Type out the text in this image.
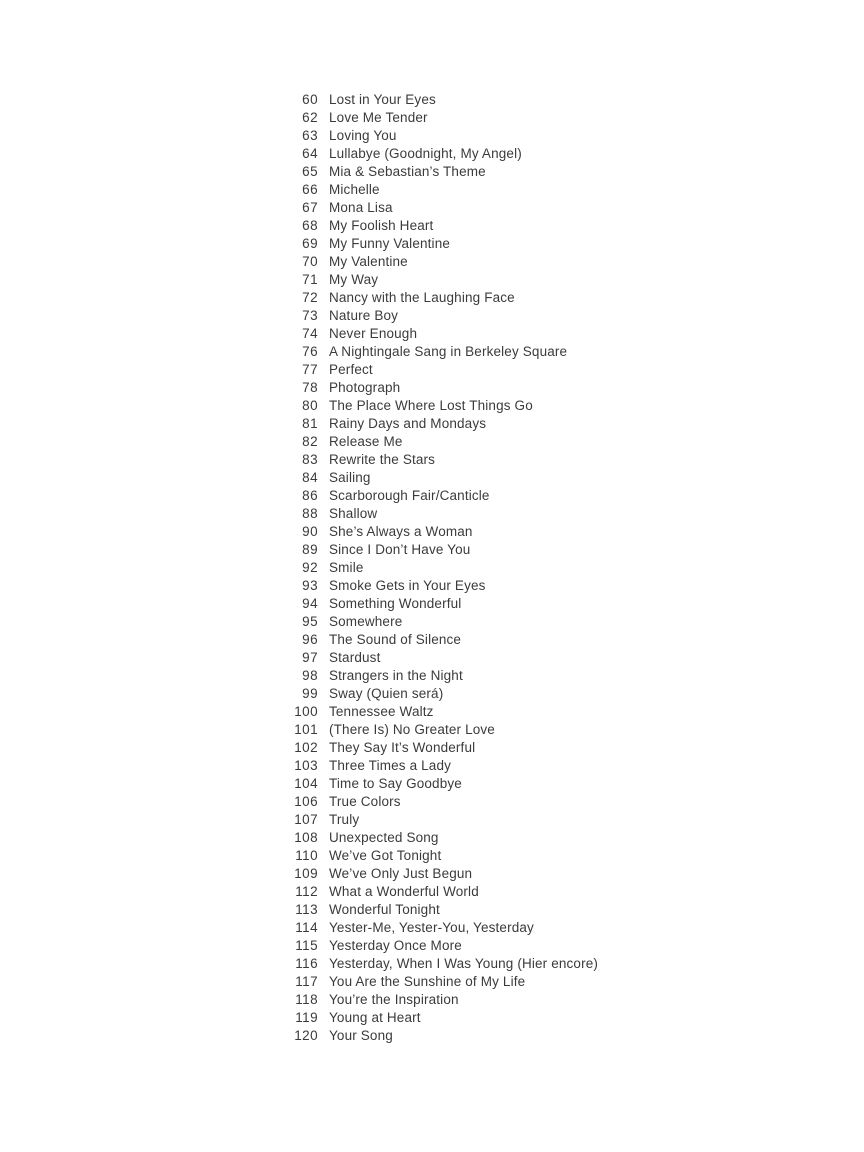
60 Lost in Your Eyes
62 Love Me Tender
63 Loving You
64 Lullabye (Goodnight, My Angel)
65 Mia & Sebastian’s Theme
66 Michelle
67 Mona Lisa
68 My Foolish Heart
69 My Funny Valentine
70 My Valentine
71 My Way
72 Nancy with the Laughing Face
73 Nature Boy
74 Never Enough
76 A Nightingale Sang in Berkeley Square
77 Perfect
78 Photograph
80 The Place Where Lost Things Go
81 Rainy Days and Mondays
82 Release Me
83 Rewrite the Stars
84 Sailing
86 Scarborough Fair/Canticle
88 Shallow
90 She’s Always a Woman
89 Since I Don’t Have You
92 Smile
93 Smoke Gets in Your Eyes
94 Something Wonderful
95 Somewhere
96 The Sound of Silence
97 Stardust
98 Strangers in the Night
99 Sway (Quien será)
100 Tennessee Waltz
101 (There Is) No Greater Love
102 They Say It’s Wonderful
103 Three Times a Lady
104 Time to Say Goodbye
106 True Colors
107 Truly
108 Unexpected Song
110 We’ve Got Tonight
109 We’ve Only Just Begun
112 What a Wonderful World
113 Wonderful Tonight
114 Yester-Me, Yester-You, Yesterday
115 Yesterday Once More
116 Yesterday, When I Was Young (Hier encore)
117 You Are the Sunshine of My Life
118 You’re the Inspiration
119 Young at Heart
120 Your Song
